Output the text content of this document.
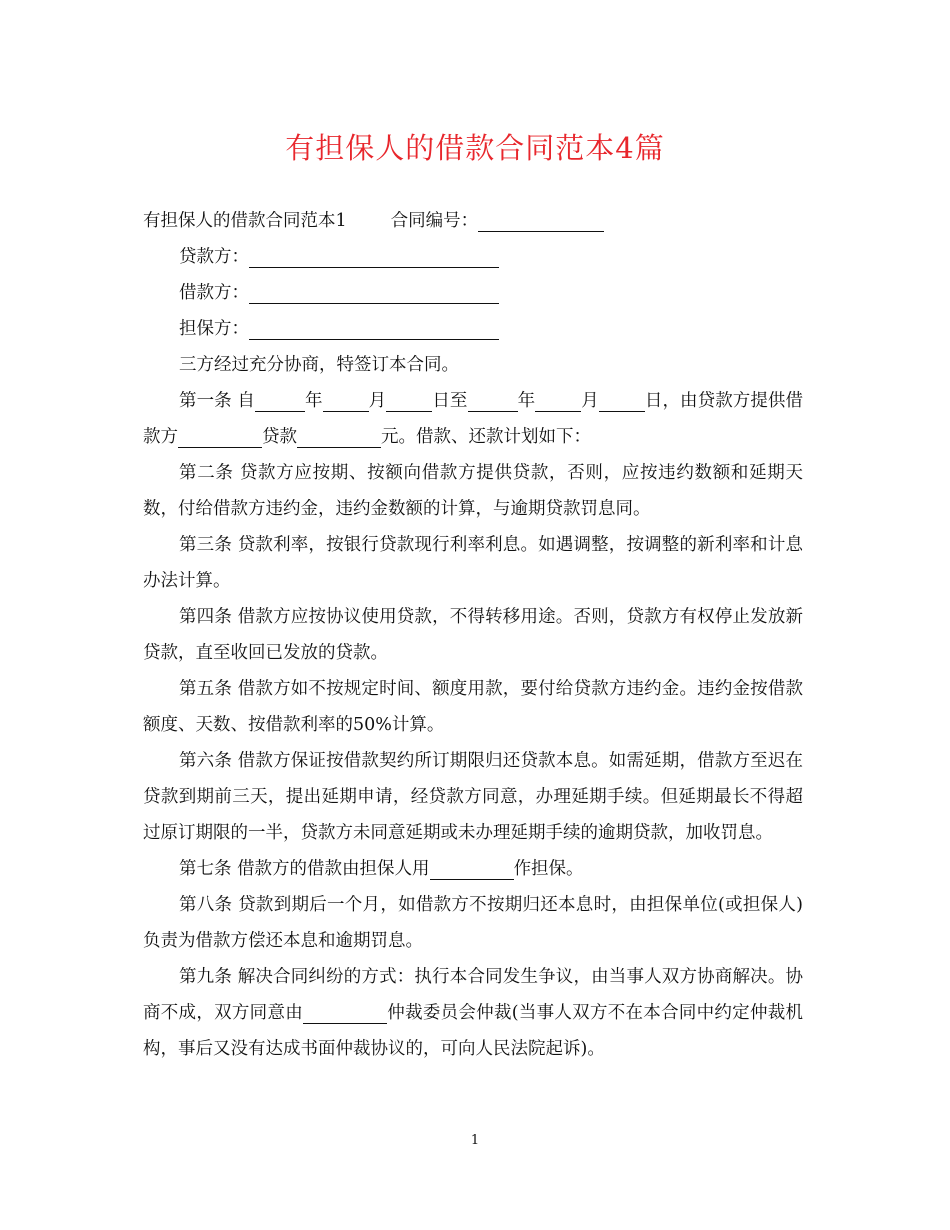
有担保人的借款合同范本4篇

有担保人的借款合同范本1	合同编号：

贷款方：

借款方：

担保方：

三方经过充分协商，特签订本合同。

第一条 自	年	月	日至	年	月	日，由贷款方提供借款方	贷款	元。借款、还款计划如下：

第二条 贷款方应按期、按额向借款方提供贷款，否则，应按违约数额和延期天数，付给借款方违约金，违约金数额的计算，与逾期贷款罚息同。

第三条 贷款利率，按银行贷款现行利率利息。如遇调整，按调整的新利率和计息办法计算。

第四条 借款方应按协议使用贷款，不得转移用途。否则，贷款方有权停止发放新贷款，直至收回已发放的贷款。

第五条 借款方如不按规定时间、额度用款，要付给贷款方违约金。违约金按借款额度、天数、按借款利率的50%计算。

第六条 借款方保证按借款契约所订期限归还贷款本息。如需延期，借款方至迟在贷款到期前三天，提出延期申请，经贷款方同意，办理延期手续。但延期最长不得超过原订期限的一半，贷款方未同意延期或未办理延期手续的逾期贷款，加收罚息。

第七条 借款方的借款由担保人用	作担保。

第八条 贷款到期后一个月，如借款方不按期归还本息时，由担保单位(或担保人)负责为借款方偿还本息和逾期罚息。

第九条 解决合同纠纷的方式：执行本合同发生争议，由当事人双方协商解决。协商不成，双方同意由	仲裁委员会仲裁(当事人双方不在本合同中约定仲裁机构，事后又没有达成书面仲裁协议的，可向人民法院起诉)。

1
